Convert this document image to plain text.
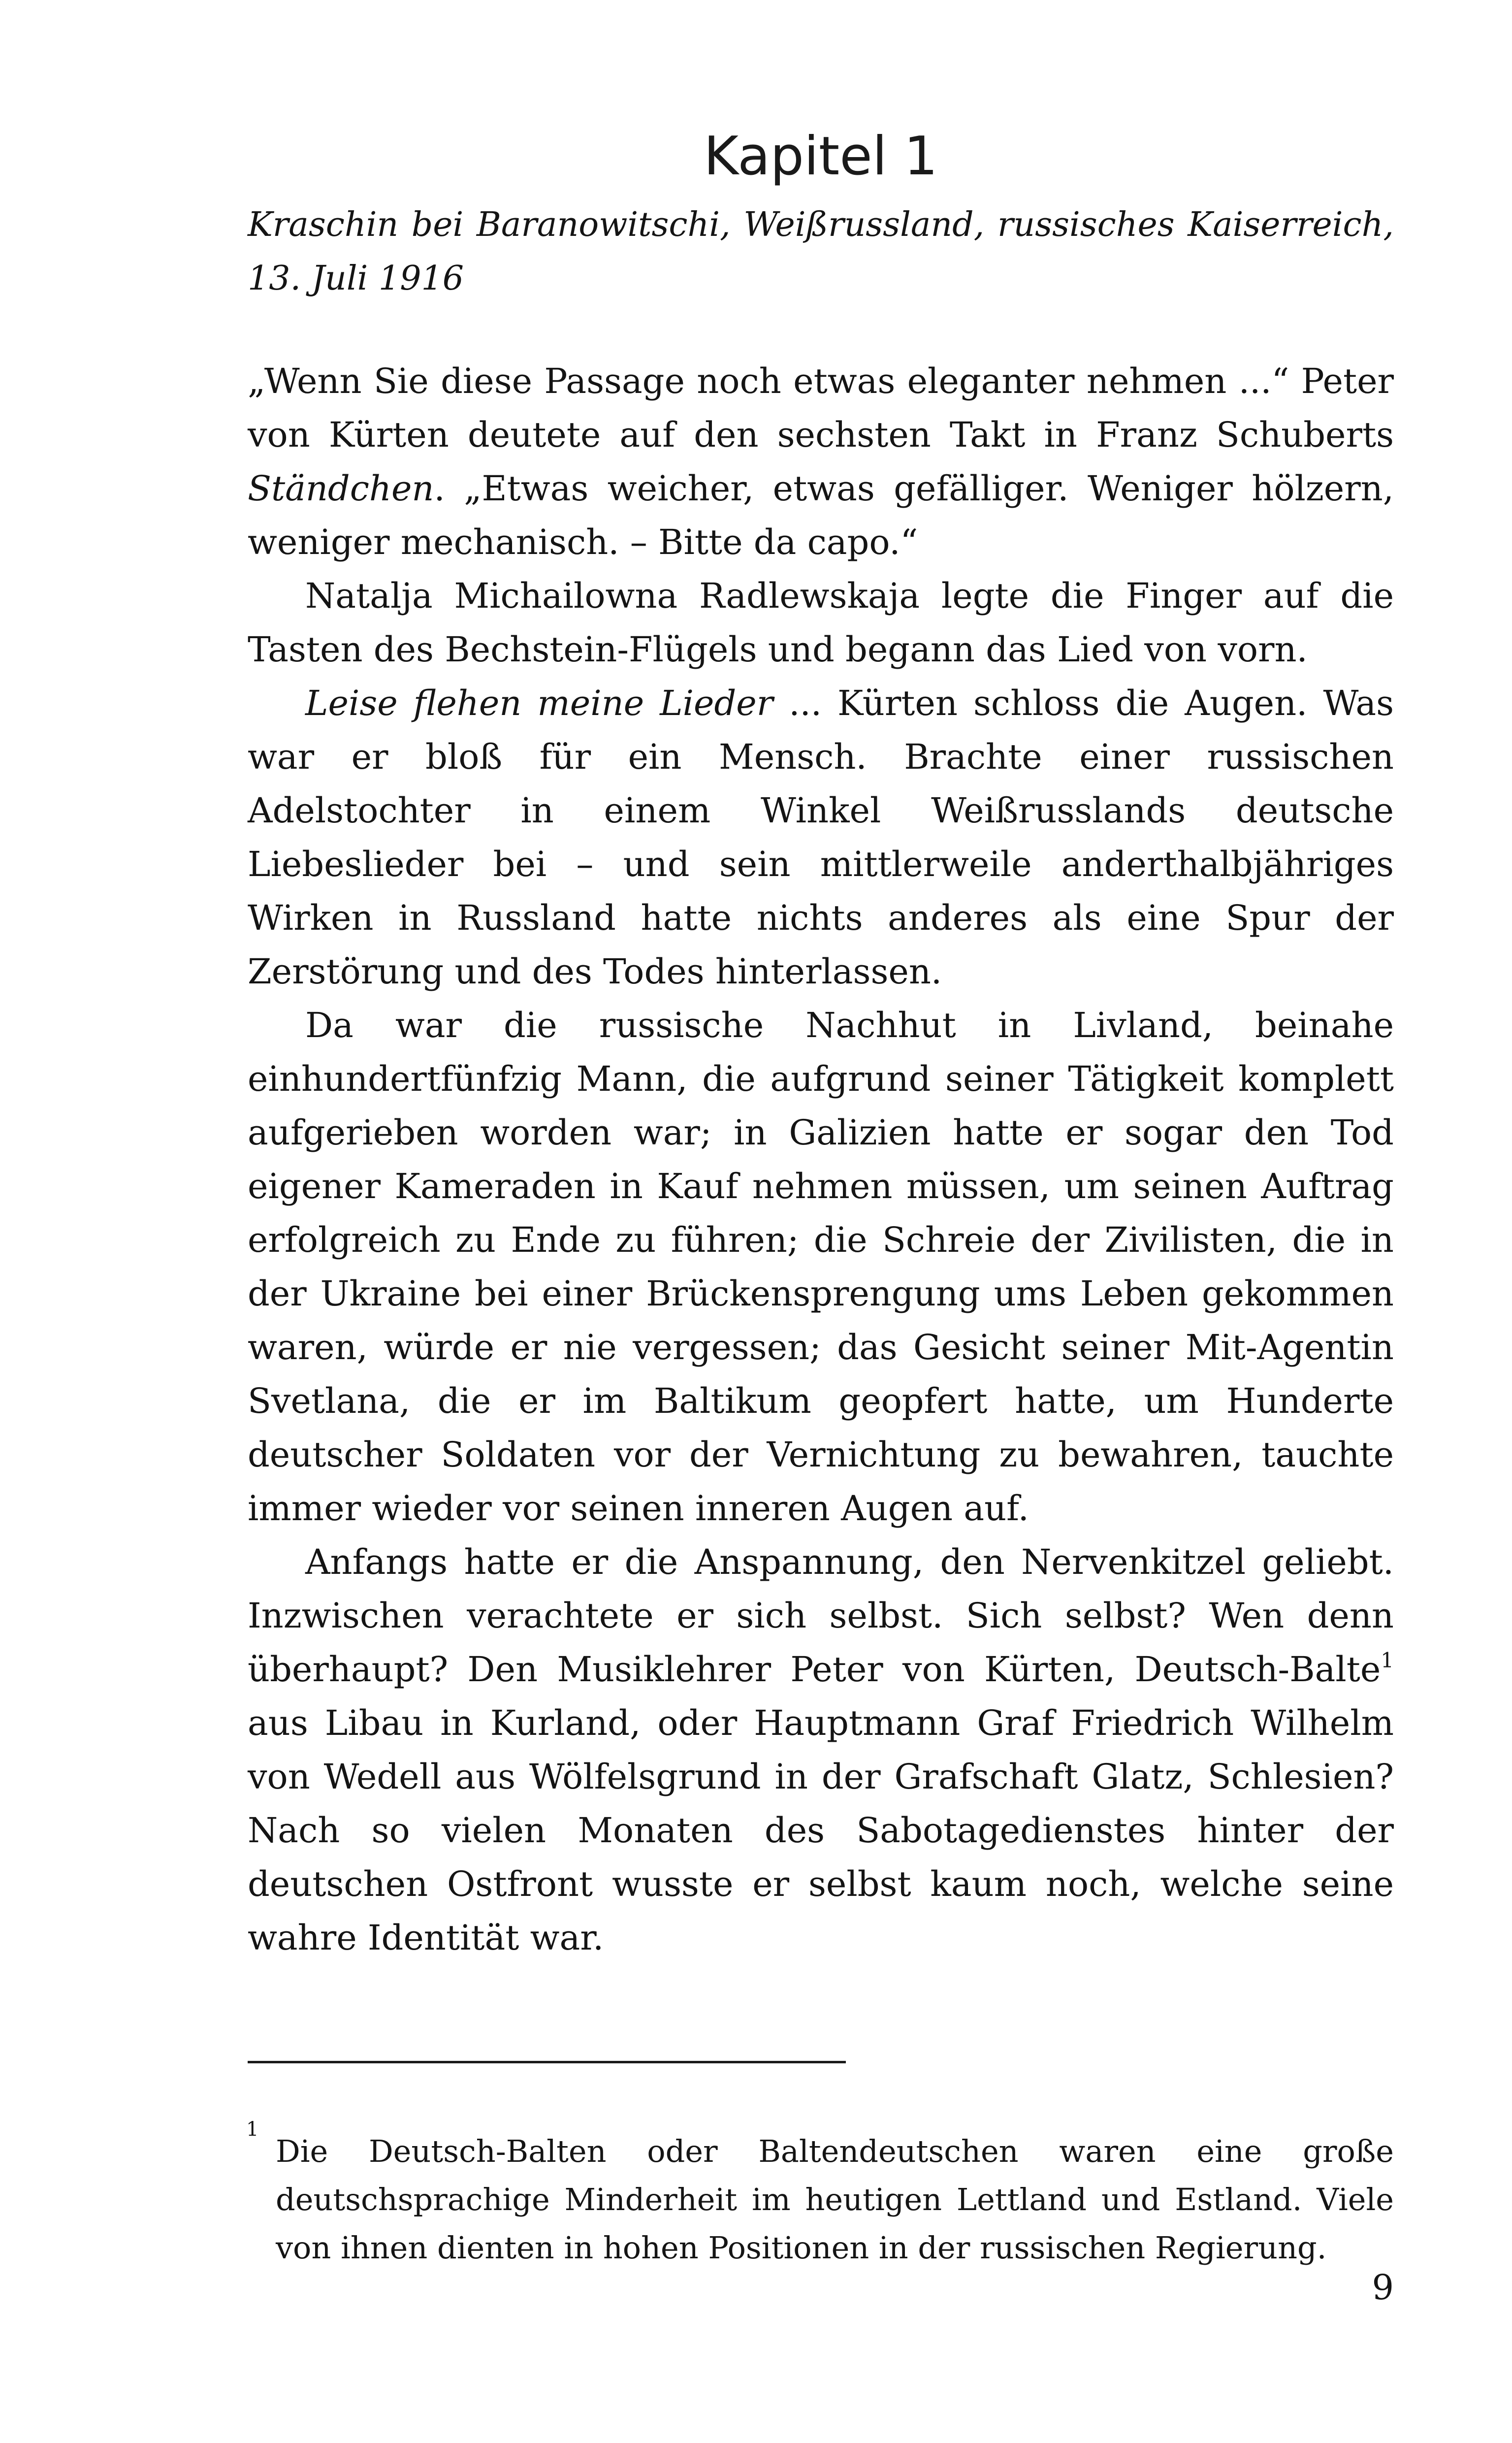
Kapitel 1

Kraschin bei Baranowitschi, Weißrussland, russisches Kaiserreich, 13. Juli 1916

„Wenn Sie diese Passage noch etwas eleganter nehmen ...“ Peter von Kürten deutete auf den sechsten Takt in Franz Schuberts Ständchen. „Etwas weicher, etwas gefälliger. Weniger hölzern, weniger mechanisch. – Bitte da capo.“

Natalja Michailowna Radlewskaja legte die Finger auf die Tasten des Bechstein-Flügels und begann das Lied von vorn.

Leise flehen meine Lieder ... Kürten schloss die Augen. Was war er bloß für ein Mensch. Brachte einer russischen Adelstochter in einem Winkel Weißrusslands deutsche Liebeslieder bei – und sein mittlerweile anderthalbjähriges Wirken in Russland hatte nichts anderes als eine Spur der Zerstörung und des Todes hinterlassen.

Da war die russische Nachhut in Livland, beinahe einhundertfünfzig Mann, die aufgrund seiner Tätigkeit komplett aufgerieben worden war; in Galizien hatte er sogar den Tod eigener Kameraden in Kauf nehmen müssen, um seinen Auftrag erfolgreich zu Ende zu führen; die Schreie der Zivilisten, die in der Ukraine bei einer Brückensprengung ums Leben gekommen waren, würde er nie vergessen; das Gesicht seiner Mit-Agentin Svetlana, die er im Baltikum geopfert hatte, um Hunderte deutscher Soldaten vor der Vernichtung zu bewahren, tauchte immer wieder vor seinen inneren Augen auf.

Anfangs hatte er die Anspannung, den Nervenkitzel geliebt. Inzwischen verachtete er sich selbst. Sich selbst? Wen denn überhaupt? Den Musiklehrer Peter von Kürten, Deutsch-Balte$^1$ aus Libau in Kurland, oder Hauptmann Graf Friedrich Wilhelm von Wedell aus Wölfelsgrund in der Grafschaft Glatz, Schlesien? Nach so vielen Monaten des Sabotagedienstes hinter der deutschen Ostfront wusste er selbst kaum noch, welche seine wahre Identität war.

1
Die Deutsch-Balten oder Baltendeutschen waren eine große deutschsprachige Minderheit im heutigen Lettland und Estland. Viele von ihnen dienten in hohen Positionen in der russischen Regierung.

9
